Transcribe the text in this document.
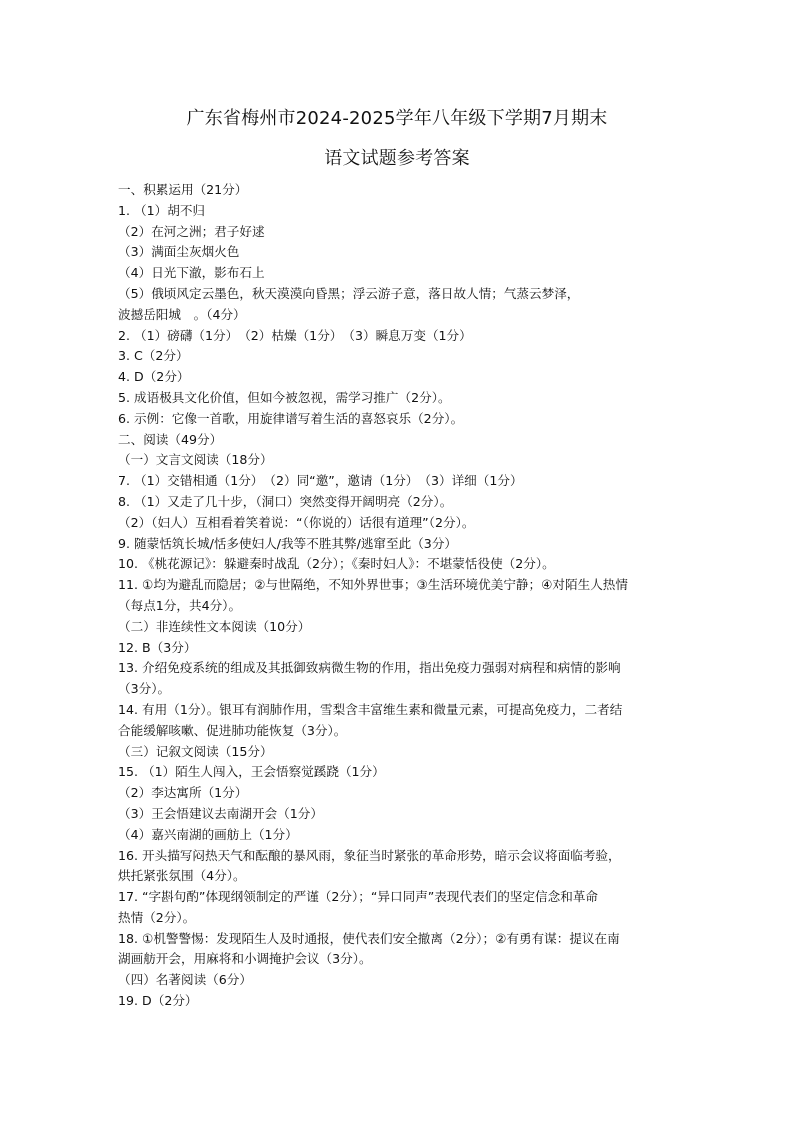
广东省梅州市2024-2025学年八年级下学期7月期末
语文试题参考答案
一、积累运用（21分）
1. （1）胡不归
（2）在河之洲；君子好逑
（3）满面尘灰烟火色
（4）日光下澈，影布石上
（5）俄顷风定云墨色，秋天漠漠向昏黑；浮云游子意，落日故人情；气蒸云梦泽，
波撼岳阳城　。（4分）
2. （1）磅礴（1分）　（2）枯燥（1分）　（3）瞬息万变（1分）
3. C（2分）
4. D（2分）
5. 成语极具文化价值，但如今被忽视，需学习推广（2分）。
6. 示例：它像一首歌，用旋律谱写着生活的喜怒哀乐（2分）。
二、阅读（49分）
（一）文言文阅读（18分）
7. （1）交错相通（1分）　（2）同“邀”，邀请（1分）　（3）详细（1分）
8. （1）又走了几十步，（洞口）突然变得开阔明亮（2分）。
（2）（妇人）互相看着笑着说：“（你说的）话很有道理”（2分）。
9. 随蒙恬筑长城/恬多使妇人/我等不胜其弊/逃窜至此（3分）
10. 《桃花源记》：躲避秦时战乱（2分）；《秦时妇人》：不堪蒙恬役使（2分）。
11. ①均为避乱而隐居；②与世隔绝，不知外界世事；③生活环境优美宁静；④对陌生人热情
（每点1分，共4分）。
（二）非连续性文本阅读（10分）
12. B（3分）
13. 介绍免疫系统的组成及其抵御致病微生物的作用，指出免疫力强弱对病程和病情的影响
（3分）。
14. 有用（1分）。银耳有润肺作用，雪梨含丰富维生素和微量元素，可提高免疫力，二者结
合能缓解咳嗽、促进肺功能恢复（3分）。
（三）记叙文阅读（15分）
15. （1）陌生人闯入，王会悟察觉蹊跷（1分）
（2）李达寓所（1分）
（3）王会悟建议去南湖开会（1分）
（4）嘉兴南湖的画舫上（1分）
16. 开头描写闷热天气和酝酿的暴风雨，象征当时紧张的革命形势，暗示会议将面临考验，
烘托紧张氛围（4分）。
17. “字斟句酌”体现纲领制定的严谨（2分）；“异口同声”表现代表们的坚定信念和革命
热情（2分）。
18. ①机警警惕：发现陌生人及时通报，使代表们安全撤离（2分）；②有勇有谋：提议在南
湖画舫开会，用麻将和小调掩护会议（3分）。
（四）名著阅读（6分）
19. D（2分）
